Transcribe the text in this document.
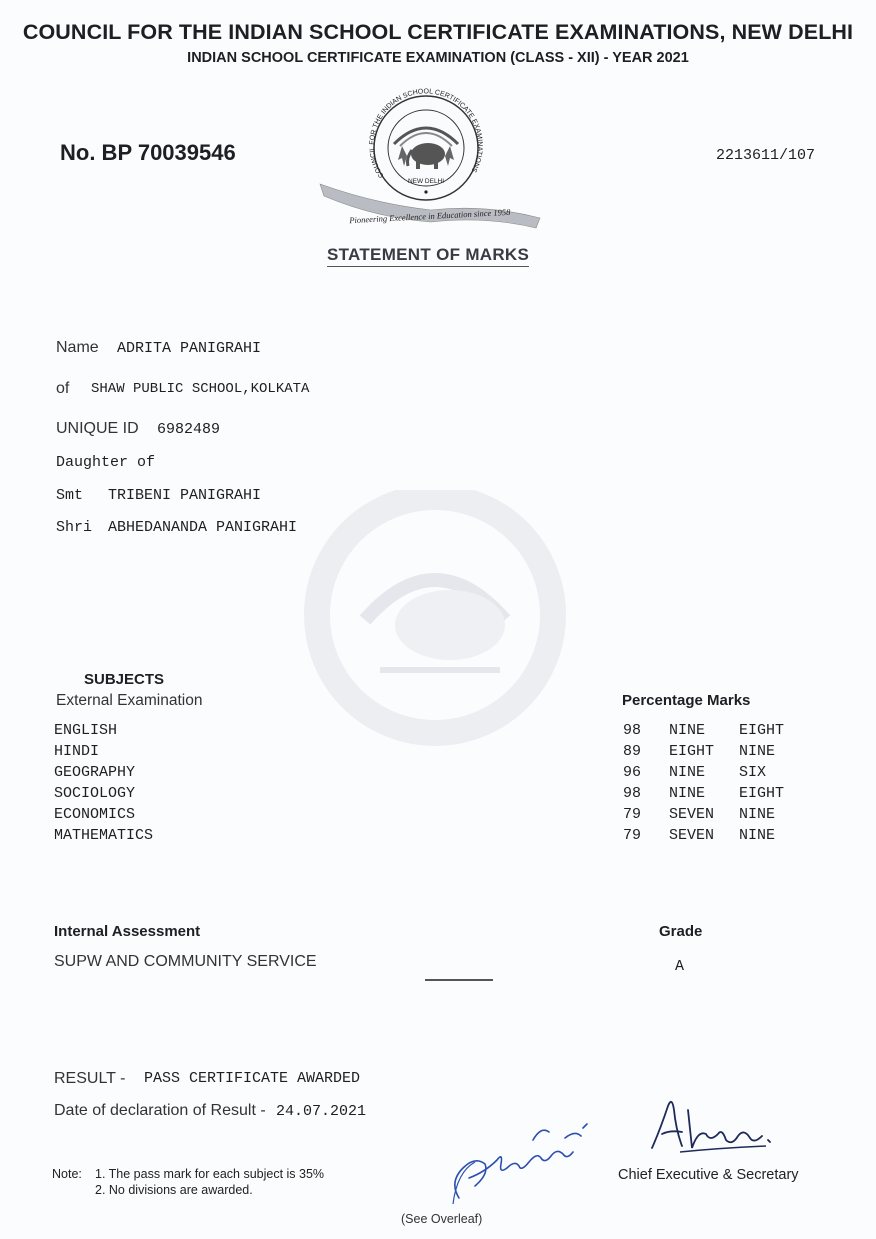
COUNCIL FOR THE INDIAN SCHOOL CERTIFICATE EXAMINATIONS, NEW DELHI
INDIAN SCHOOL CERTIFICATE EXAMINATION (CLASS - XII) - YEAR 2021
No. BP 70039546	2213611/107
COUNCIL FOR THE INDIAN SCHOOL CERTIFICATE EXAMINATIONS
NEW DELHI
Pioneering Excellence in Education since 1958
STATEMENT OF MARKS
Name ADRITA PANIGRAHI
of SHAW PUBLIC SCHOOL,KOLKATA
UNIQUE ID 6982489
Daughter of
Smt TRIBENI PANIGRAHI
Shri ABHEDANANDA PANIGRAHI
SUBJECTS
External Examination	Percentage Marks
ENGLISH	98 NINE EIGHT
HINDI	89 EIGHT NINE
GEOGRAPHY	96 NINE SIX
SOCIOLOGY	98 NINE EIGHT
ECONOMICS	79 SEVEN NINE
MATHEMATICS	79 SEVEN NINE
Internal Assessment	Grade
SUPW AND COMMUNITY SERVICE	A
RESULT - PASS CERTIFICATE AWARDED
Date of declaration of Result - 24.07.2021
Note: 1. The pass mark for each subject is 35%
2. No divisions are awarded.
Chief Executive & Secretary
(See Overleaf)
